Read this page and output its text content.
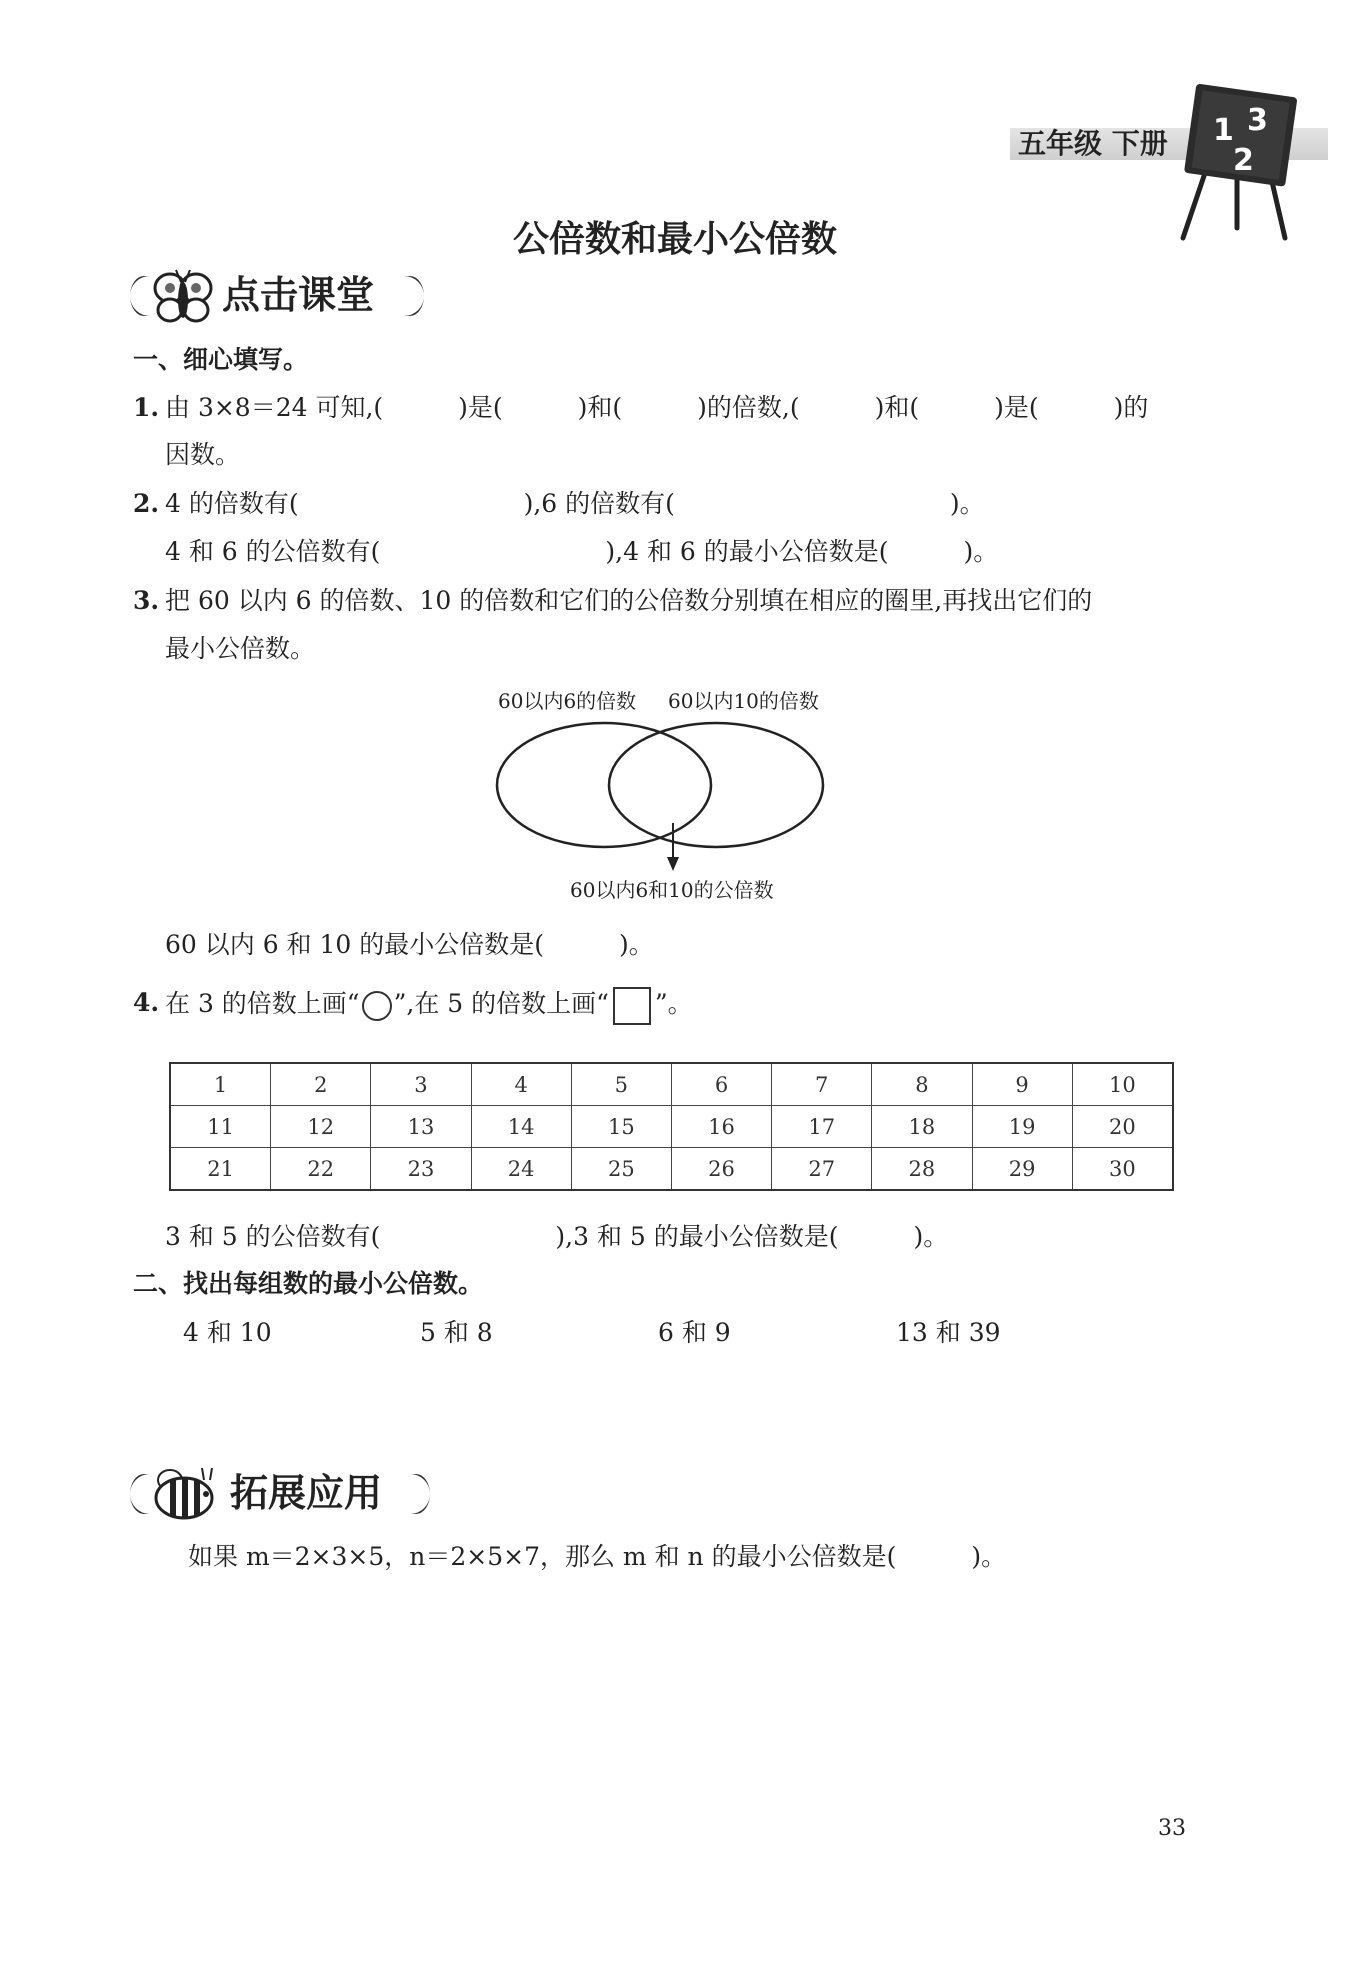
五年级 下册 1 3
2
公倍数和最小公倍数
点击课堂
一、细心填写。
1. 由 3×8＝24 可知,(　　　)是(　　　)和(　　　)的倍数,(　　　)和(　　　)是(　　　)的
因数。
2. 4 的倍数有(　　　　　　　　　),6 的倍数有(　　　　　　　　　　　)。
4 和 6 的公倍数有(　　　　　　　　　),4 和 6 的最小公倍数是(　　　)。
3. 把 60 以内 6 的倍数、10 的倍数和它们的公倍数分别填在相应的圈里,再找出它们的
最小公倍数。
60以内6的倍数 60以内10的倍数
60以内6和10的公倍数
60 以内 6 和 10 的最小公倍数是(　　　)。
4. 在 3 的倍数上画“ ”,在 5 的倍数上画“ ”。
1	2	3	4	5	6	7	8	9	10
11	12	13	14	15	16	17	18	19	20
21	22	23	24	25	26	27	28	29	30
3 和 5 的公倍数有(　　　　　　　),3 和 5 的最小公倍数是(　　　)。
二、找出每组数的最小公倍数。
4 和 10	5 和 8	6 和 9	13 和 39
拓展应用
如果 m＝2×3×5，n＝2×5×7，那么 m 和 n 的最小公倍数是(　　　)。
33
